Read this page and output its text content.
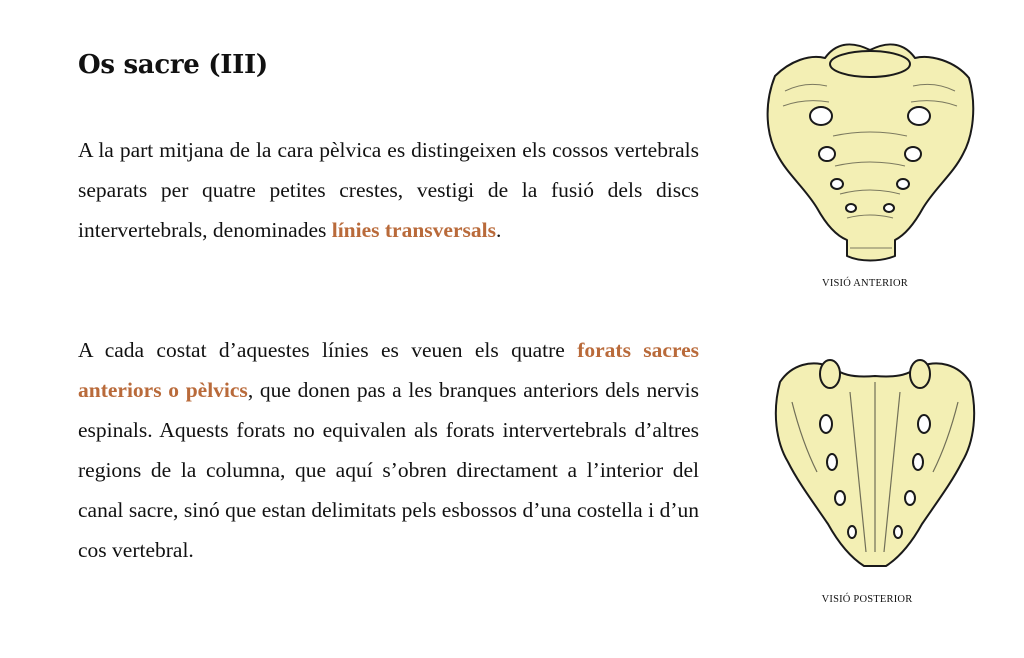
Os sacre (III)

A la part mitjana de la cara pèlvica es distingeixen els cossos vertebrals separats per quatre petites crestes, vestigi de la fusió dels discs intervertebrals, denominades línies transversals.

A cada costat d’aquestes línies es veuen els quatre forats sacres anteriors o pèlvics, que donen pas a les branques anteriors dels nervis espinals. Aquests forats no equivalen als forats intervertebrals d’altres regions de la columna, que aquí s’obren directament a l’interior del canal sacre, sinó que estan delimitats pels esbossos d’una costella i d’un cos vertebral.

VISIÓ ANTERIOR
VISIÓ POSTERIOR
